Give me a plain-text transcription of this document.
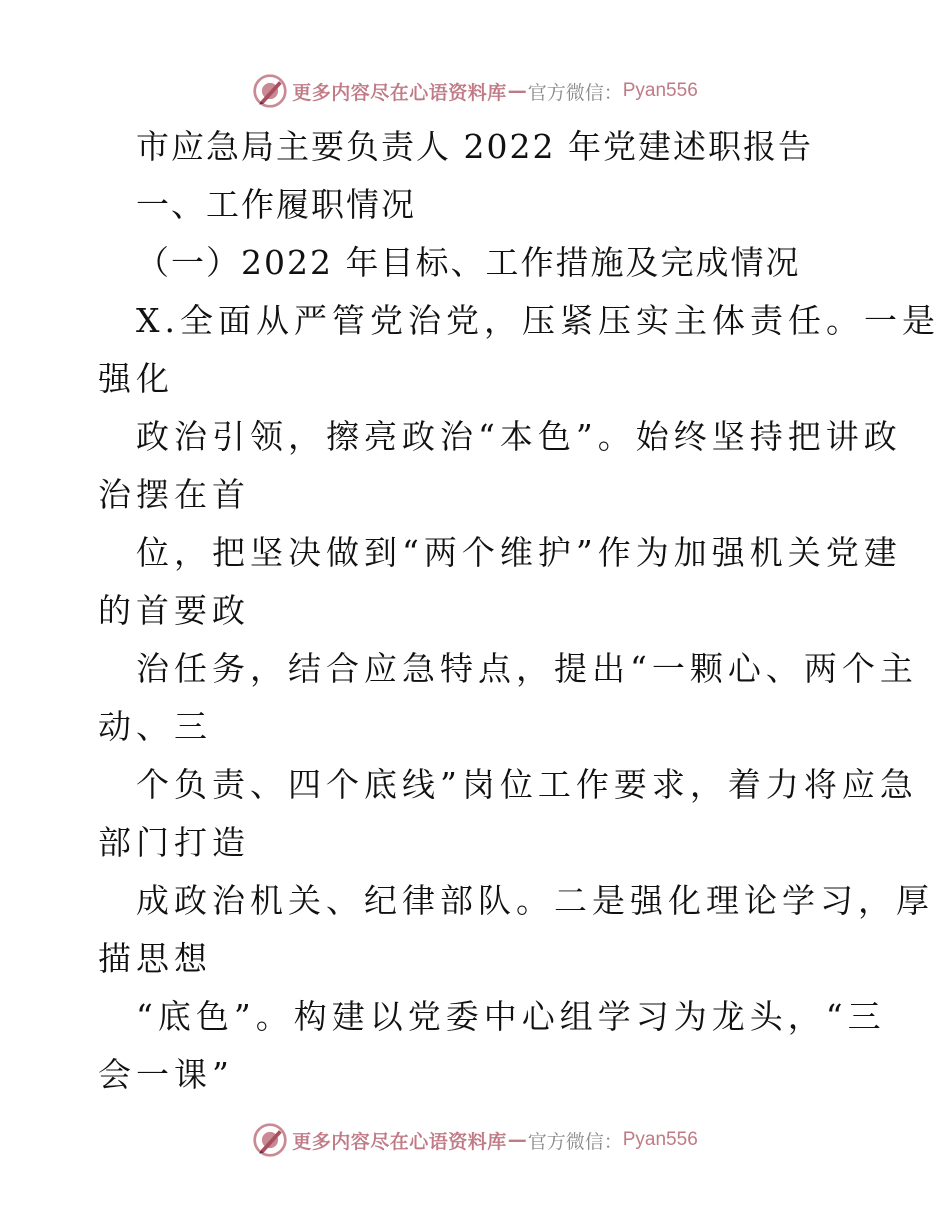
更多内容尽在心语资料库 — 官方微信： Pyan556
市应急局主要负责人 2022 年党建述职报告
一、工作履职情况
（一）2022 年目标、工作措施及完成情况
X.全面从严管党治党，压紧压实主体责任。一是
强化
政治引领，擦亮政治“本色”。始终坚持把讲政
治摆在首
位，把坚决做到“两个维护”作为加强机关党建
的首要政
治任务，结合应急特点，提出“一颗心、两个主
动、三
个负责、四个底线”岗位工作要求，着力将应急
部门打造
成政治机关、纪律部队。二是强化理论学习，厚
描思想
“底色”。构建以党委中心组学习为龙头，“三
会一课”
更多内容尽在心语资料库 — 官方微信： Pyan556
